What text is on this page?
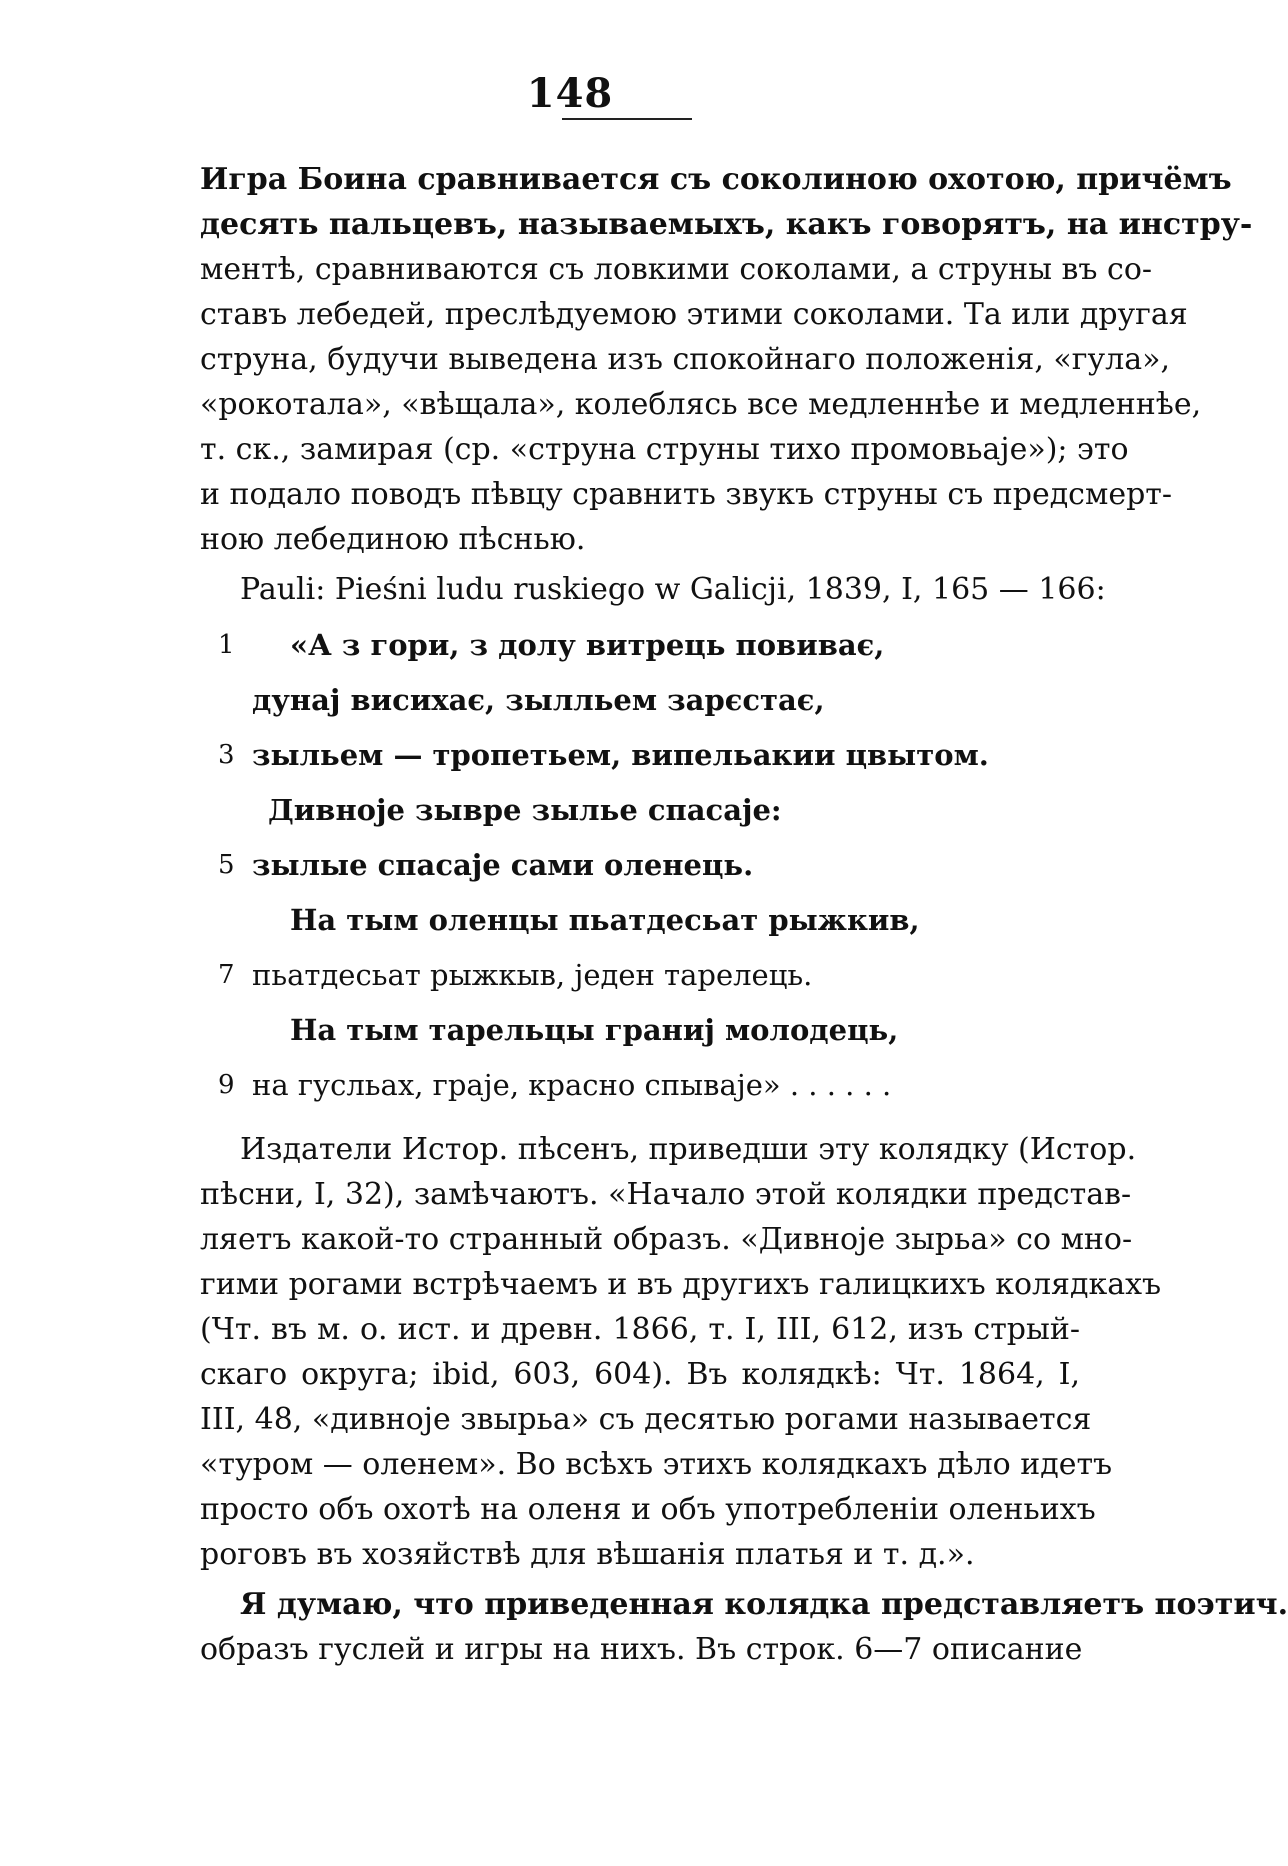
148
Игра Боина сравнивается съ соколиною охотою, причёмъ
десять пальцевъ, называемыхъ, какъ говорятъ, на инстру-
ментѣ, сравниваются съ ловкими соколами, а струны въ со-
ставъ лебедей, преслѣдуемою этими соколами. Та или другая
струна, будучи выведена изъ спокойнаго положенія, «гула»,
«рокотала», «вѣщала», колеблясь все медленнѣе и медленнѣе,
т. ск., замирая (ср. «струна струны тихо промовьаје»); это
и подало поводъ пѣвцу сравнить звукъ струны съ предсмерт-
ною лебединою пѣснью.
Pauli: Pieśni ludu ruskiego w Galicji, 1839, I, 165 — 166:
1	«А з гори, з долу витрець повиває,
дунај висихає, зылльем зарєстає,
3 зыльем — тропетьем, випельакии цвытом.
Дивноје зывре зылье спасаје:
5 зылые спасаје сами оленець.
На тым оленцы пьатдесьат рыжкив,
7 пьатдесьат рыжкыв, једен тарелець.
На тым тарельцы граниј молодець,
9 на гусльах, граје, красно спываје» . . . . . .
Издатели Истор. пѣсенъ, приведши эту колядку (Истор.
пѣсни, I, 32), замѣчаютъ. «Начало этой колядки представ-
ляетъ какой-то странный образъ. «Дивноје зырьа» со мно-
гими рогами встрѣчаемъ и въ другихъ галицкихъ колядкахъ
(Чт. въ м. о. ист. и древн. 1866, т. I, III, 612, изъ стрый-
скаго округа; ibid, 603, 604). Въ колядкѣ: Чт. 1864, I,
III, 48, «дивноје звырьа» съ десятью рогами называется
«туром — оленем». Во всѣхъ этихъ колядкахъ дѣло идетъ
просто объ охотѣ на оленя и объ употребленіи оленьихъ
роговъ въ хозяйствѣ для вѣшанія платья и т. д.».
Я думаю, что приведенная колядка представляетъ поэтич.
образъ гуслей и игры на нихъ. Въ строк. 6—7 описание
